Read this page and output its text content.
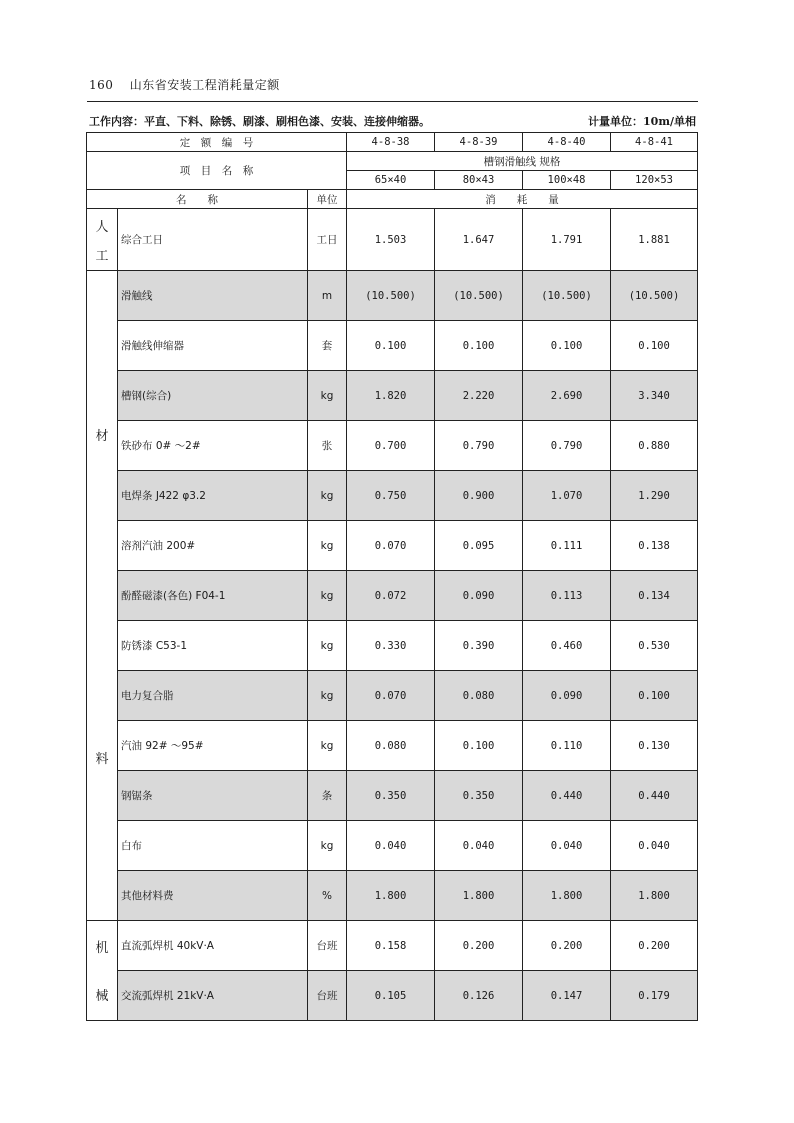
160 山东省安装工程消耗量定额
工作内容：平直、下料、除锈、刷漆、刷相色漆、安装、连接伸缩器。	计量单位：10m/单相
定　额　编　号			4-8-38	4-8-39	4-8-40	4-8-41
项　目　名　称			槽钢滑触线 规格			
			65×40	80×43	100×48	120×53
名　　称		单位	消　　耗　　量			

人
工	综合工日	工日	1.503	1.647	1.791	1.881

材
料	滑触线	m	(10.500)	(10.500)	(10.500)	(10.500)
	滑触线伸缩器	套	0.100	0.100	0.100	0.100
	槽钢(综合)	kg	1.820	2.220	2.690	3.340
	铁砂布 0# ～2#	张	0.700	0.790	0.790	0.880
	电焊条 J422 φ3.2	kg	0.750	0.900	1.070	1.290
	溶剂汽油 200#	kg	0.070	0.095	0.111	0.138
	酚醛磁漆(各色) F04-1	kg	0.072	0.090	0.113	0.134
	防锈漆 C53-1	kg	0.330	0.390	0.460	0.530
	电力复合脂	kg	0.070	0.080	0.090	0.100
	汽油 92# ～95#	kg	0.080	0.100	0.110	0.130
	钢锯条	条	0.350	0.350	0.440	0.440
	白布	kg	0.040	0.040	0.040	0.040
	其他材料费	%	1.800	1.800	1.800	1.800

机
械	直流弧焊机 40kV·A	台班	0.158	0.200	0.200	0.200
	交流弧焊机 21kV·A	台班	0.105	0.126	0.147	0.179
